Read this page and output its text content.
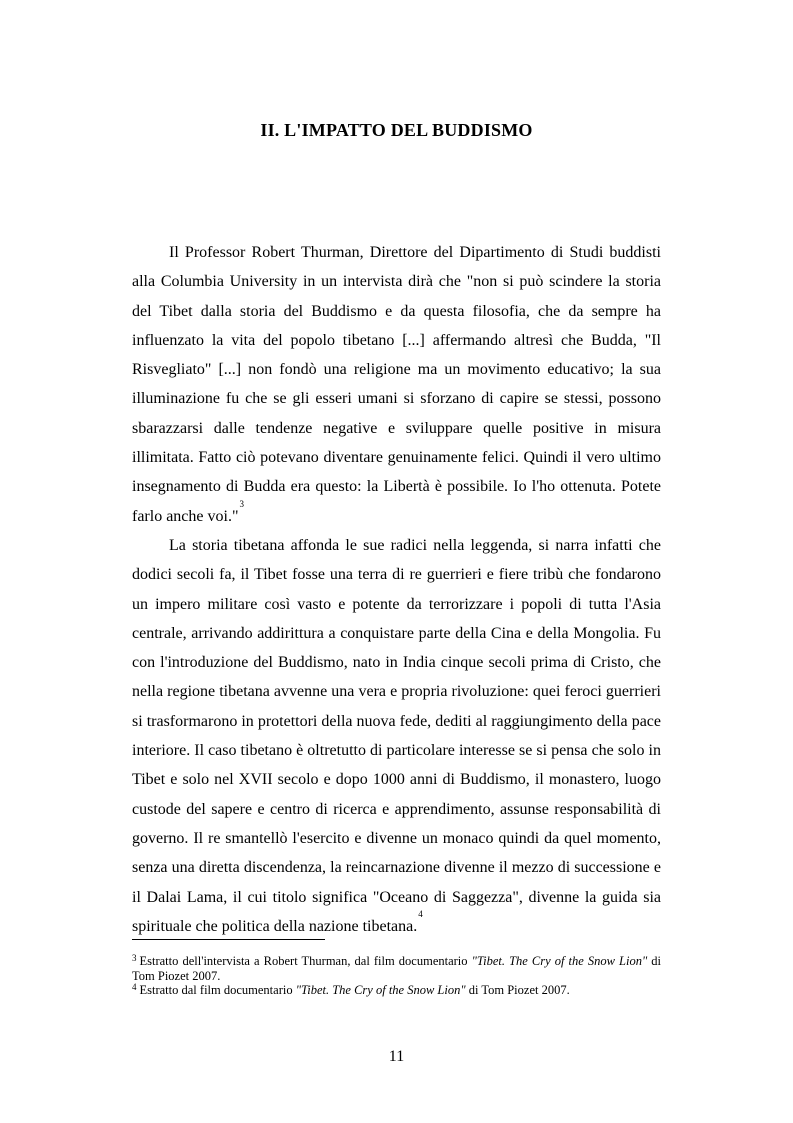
II. L'IMPATTO DEL BUDDISMO

Il Professor Robert Thurman, Direttore del Dipartimento di Studi buddisti alla Columbia University in un intervista dirà che "non si può scindere la storia del Tibet dalla storia del Buddismo e da questa filosofia, che da sempre ha influenzato la vita del popolo tibetano [...] affermando altresì che Budda, "Il Risvegliato" [...] non fondò una religione ma un movimento educativo; la sua illuminazione fu che se gli esseri umani si sforzano di capire se stessi, possono sbarazzarsi dalle tendenze negative e sviluppare quelle positive in misura illimitata. Fatto ciò potevano diventare genuinamente felici. Quindi il vero ultimo insegnamento di Budda era questo: la Libertà è possibile. Io l'ho ottenuta. Potete farlo anche voi."$^3$

La storia tibetana affonda le sue radici nella leggenda, si narra infatti che dodici secoli fa, il Tibet fosse una terra di re guerrieri e fiere tribù che fondarono un impero militare così vasto e potente da terrorizzare i popoli di tutta l'Asia centrale, arrivando addirittura a conquistare parte della Cina e della Mongolia. Fu con l'introduzione del Buddismo, nato in India cinque secoli prima di Cristo, che nella regione tibetana avvenne una vera e propria rivoluzione: quei feroci guerrieri si trasformarono in protettori della nuova fede, dediti al raggiungimento della pace interiore. Il caso tibetano è oltretutto di particolare interesse se si pensa che solo in Tibet e solo nel XVII secolo e dopo 1000 anni di Buddismo, il monastero, luogo custode del sapere e centro di ricerca e apprendimento, assunse responsabilità di governo. Il re smantellò l'esercito e divenne un monaco quindi da quel momento, senza una diretta discendenza, la reincarnazione divenne il mezzo di successione e il Dalai Lama, il cui titolo significa "Oceano di Saggezza", divenne la guida sia spirituale che politica della nazione tibetana.$^4$

$^3$ Estratto dell'intervista a Robert Thurman, dal film documentario "Tibet. The Cry of the Snow Lion" di Tom Piozet 2007.

$^4$ Estratto dal film documentario "Tibet. The Cry of the Snow Lion" di Tom Piozet 2007.

11
